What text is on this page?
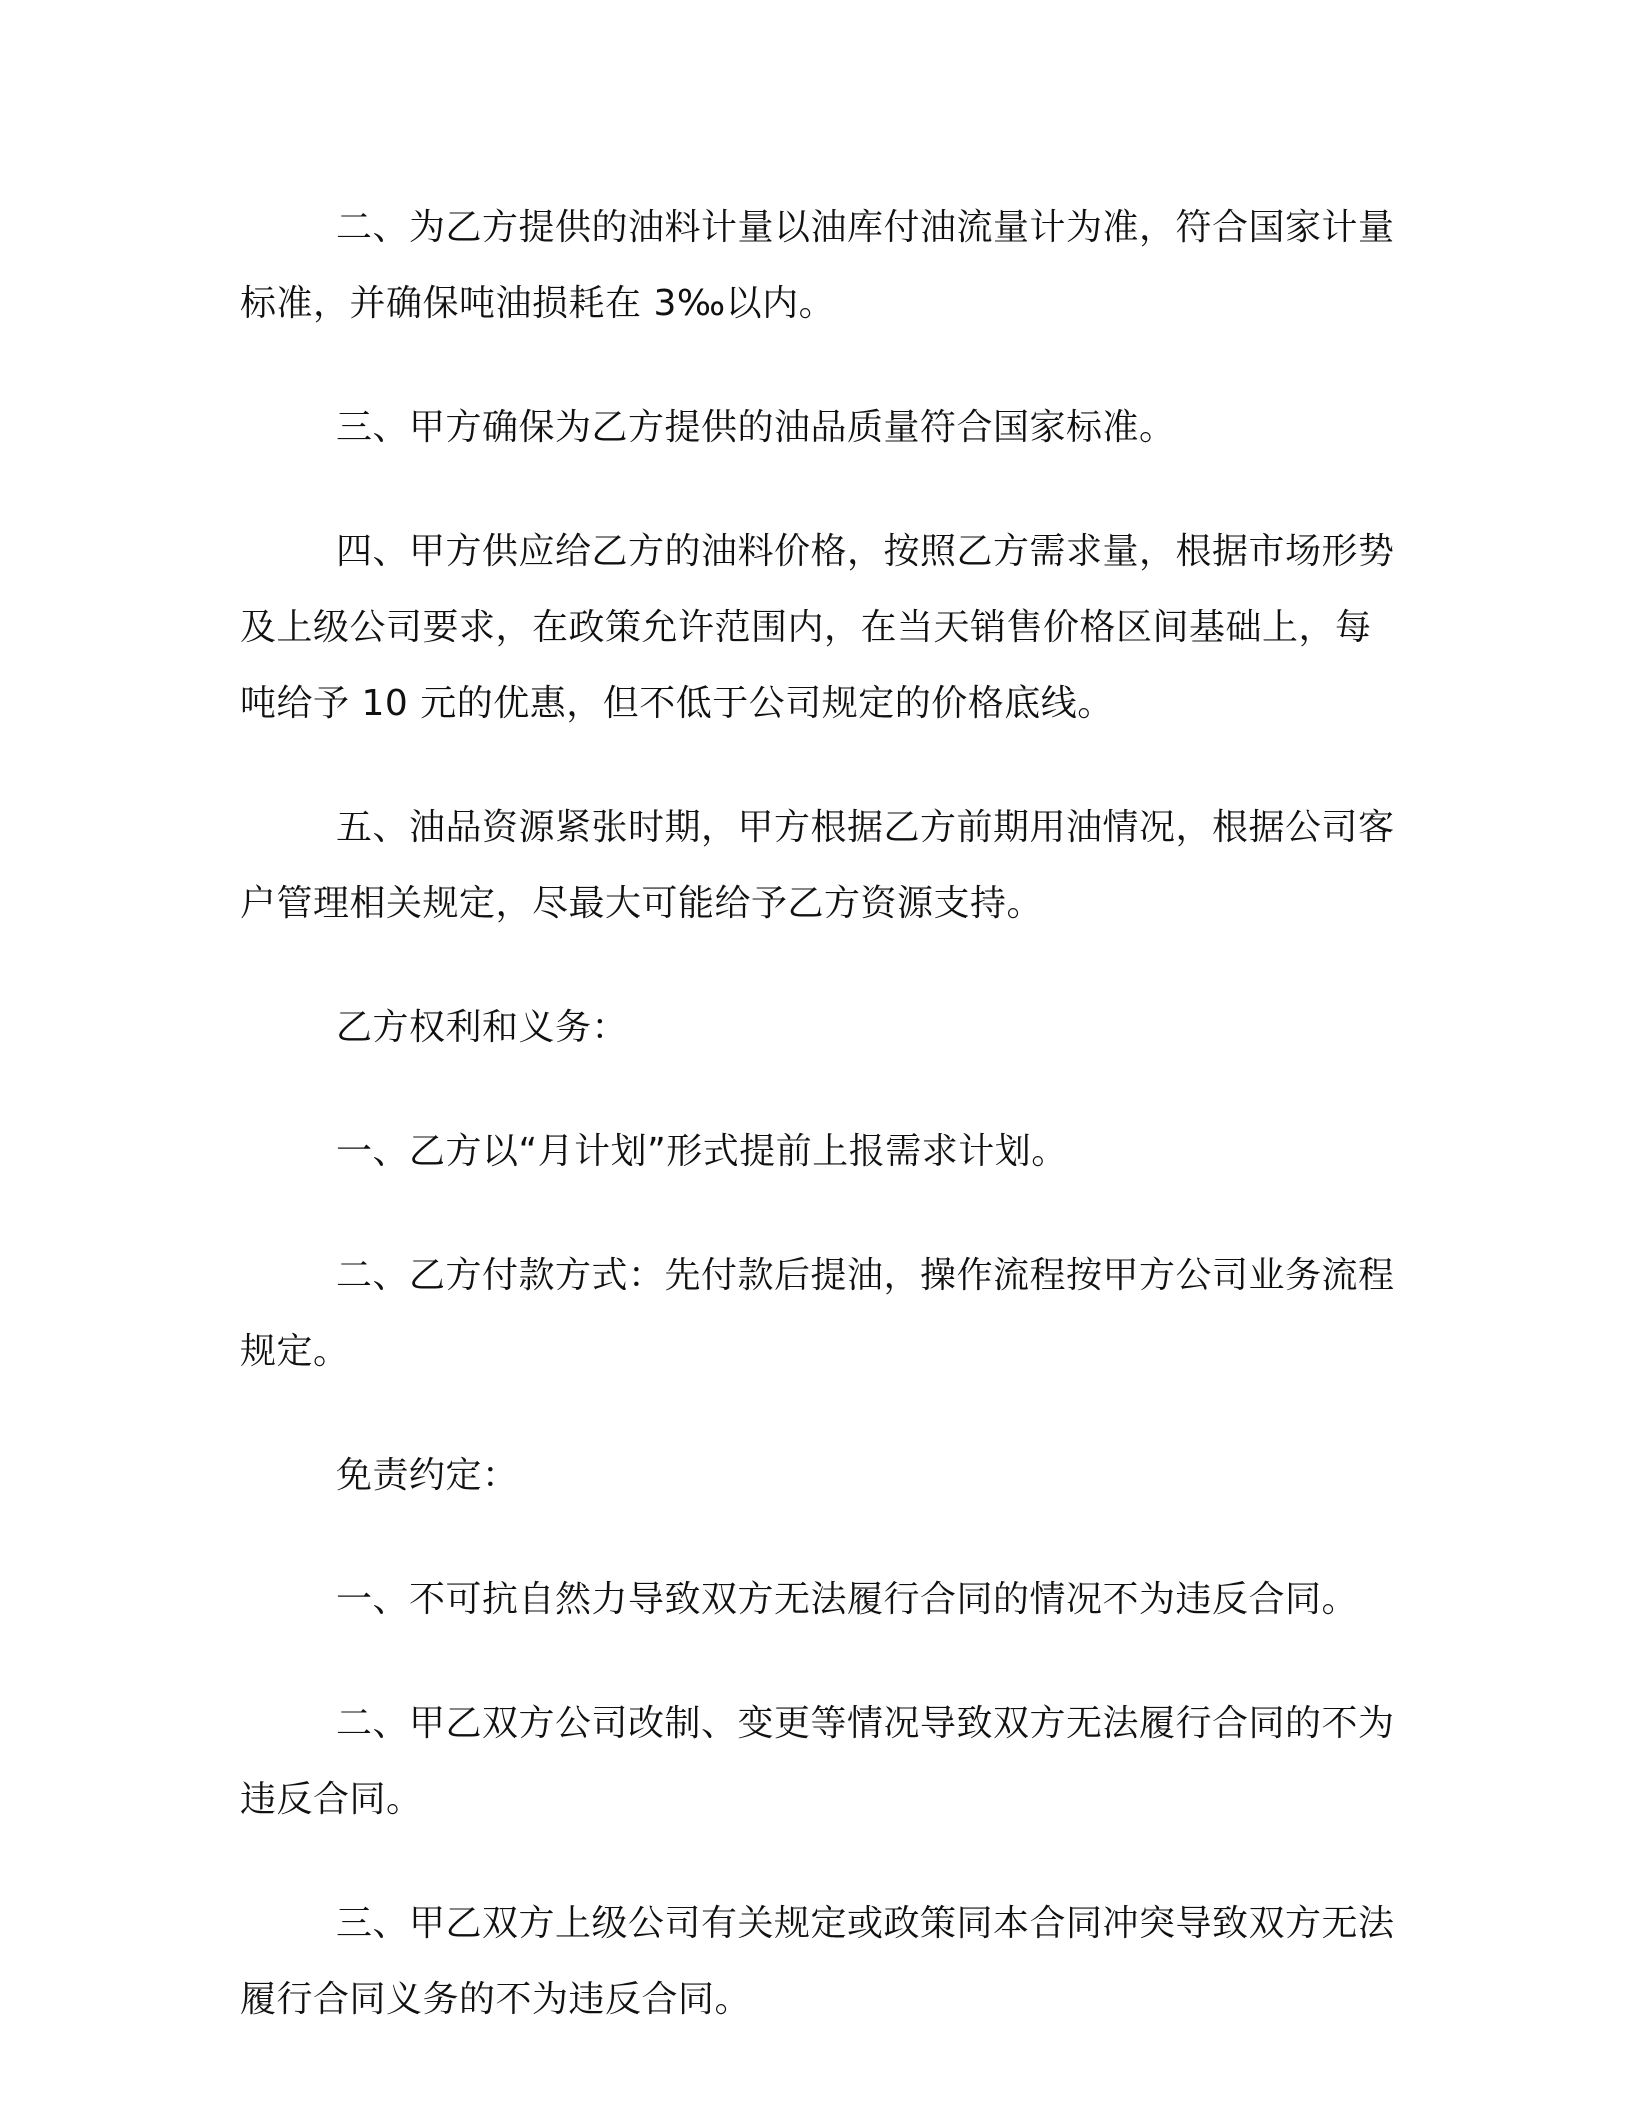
二、为乙方提供的油料计量以油库付油流量计为准，符合国家计量标准，并确保吨油损耗在 3‰以内。

三、甲方确保为乙方提供的油品质量符合国家标准。

四、甲方供应给乙方的油料价格，按照乙方需求量，根据市场形势及上级公司要求，在政策允许范围内，在当天销售价格区间基础上，每吨给予 10 元的优惠，但不低于公司规定的价格底线。

五、油品资源紧张时期，甲方根据乙方前期用油情况，根据公司客户管理相关规定，尽最大可能给予乙方资源支持。

乙方权利和义务：

一、乙方以“月计划”形式提前上报需求计划。

二、乙方付款方式：先付款后提油，操作流程按甲方公司业务流程规定。

免责约定：

一、不可抗自然力导致双方无法履行合同的情况不为违反合同。

二、甲乙双方公司改制、变更等情况导致双方无法履行合同的不为违反合同。

三、甲乙双方上级公司有关规定或政策同本合同冲突导致双方无法履行合同义务的不为违反合同。
